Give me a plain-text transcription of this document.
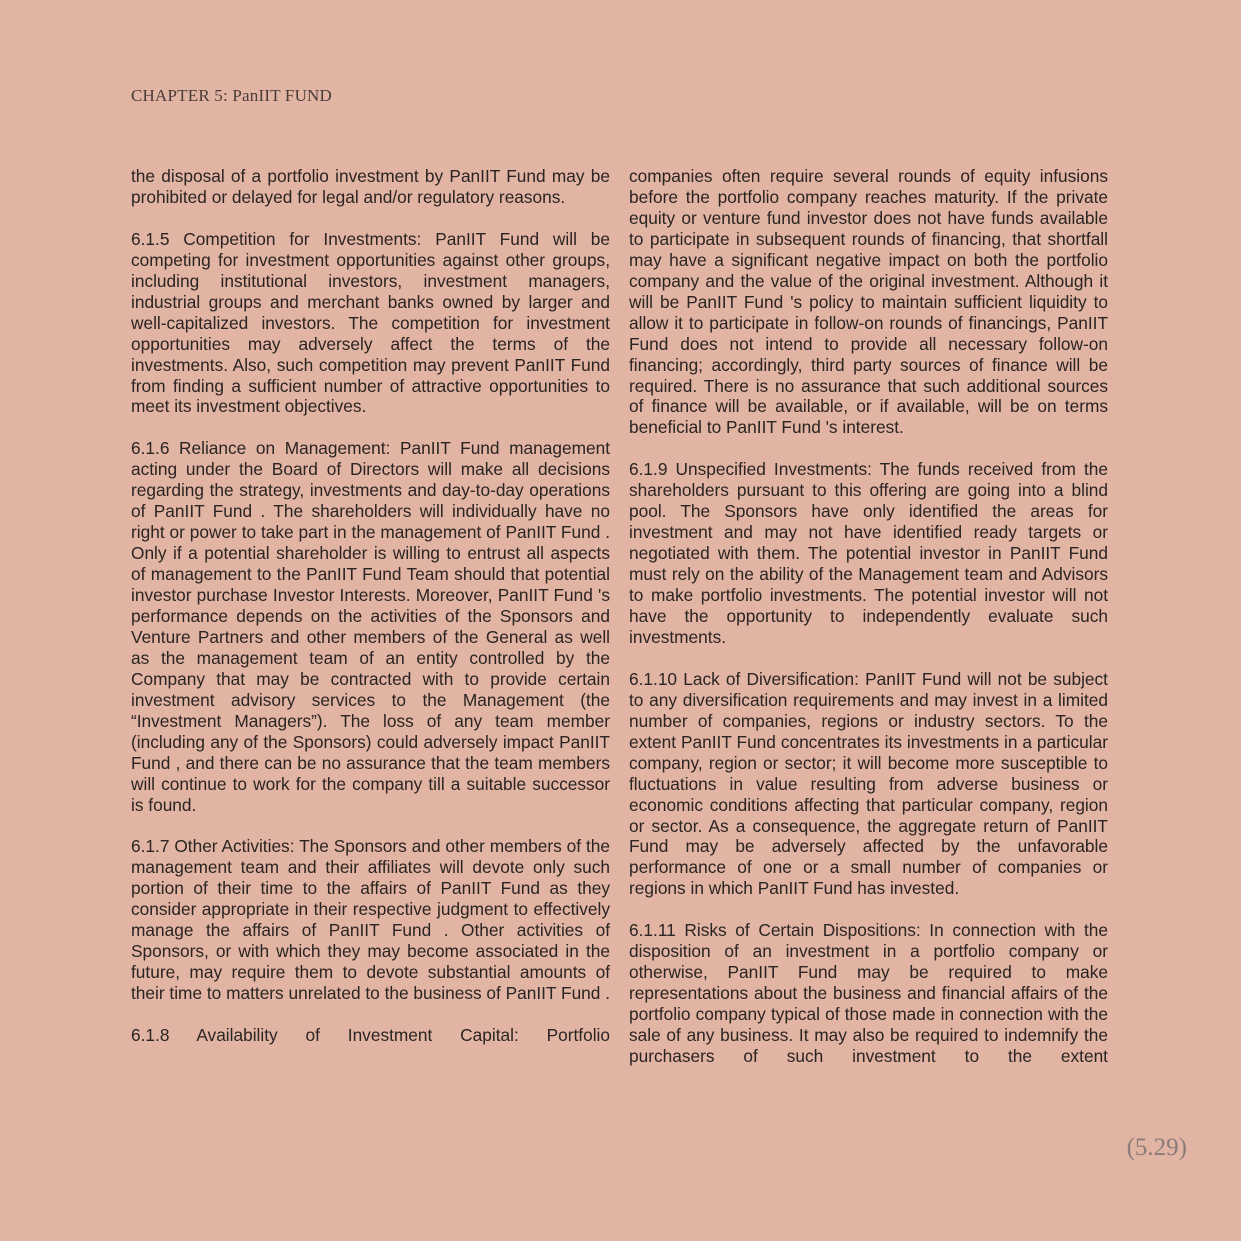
CHAPTER 5: PanIIT FUND

the disposal of a portfolio investment by PanIIT Fund may be prohibited or delayed for legal and/or regulatory reasons.

6.1.5 Competition for Investments: PanIIT Fund will be competing for investment opportunities against other groups, including institutional investors, investment managers, industrial groups and merchant banks owned by larger and well-capitalized investors. The competition for investment opportunities may adversely affect the terms of the investments. Also, such competition may prevent PanIIT Fund from finding a sufficient number of attractive opportunities to meet its investment objectives.

6.1.6 Reliance on Management: PanIIT Fund management acting under the Board of Directors will make all decisions regarding the strategy, investments and day-to-day operations of PanIIT Fund . The shareholders will individually have no right or power to take part in the management of PanIIT Fund . Only if a potential shareholder is willing to entrust all aspects of management to the PanIIT Fund Team should that potential investor purchase Investor Interests. Moreover, PanIIT Fund 's performance depends on the activities of the Sponsors and Venture Partners and other members of the General as well as the management team of an entity controlled by the Company that may be contracted with to provide certain investment advisory services to the Management (the “Investment Managers”). The loss of any team member (including any of the Sponsors) could adversely impact PanIIT Fund , and there can be no assurance that the team members will continue to work for the company till a suitable successor is found.

6.1.7 Other Activities: The Sponsors and other members of the management team and their affiliates will devote only such portion of their time to the affairs of PanIIT Fund as they consider appropriate in their respective judgment to effectively manage the affairs of PanIIT Fund . Other activities of Sponsors, or with which they may become associated in the future, may require them to devote substantial amounts of their time to matters unrelated to the business of PanIIT Fund .

6.1.8 Availability of Investment Capital: Portfolio

companies often require several rounds of equity infusions before the portfolio company reaches maturity. If the private equity or venture fund investor does not have funds available to participate in subsequent rounds of financing, that shortfall may have a significant negative impact on both the portfolio company and the value of the original investment. Although it will be PanIIT Fund 's policy to maintain sufficient liquidity to allow it to participate in follow-on rounds of financings, PanIIT Fund does not intend to provide all necessary follow-on financing; accordingly, third party sources of finance will be required. There is no assurance that such additional sources of finance will be available, or if available, will be on terms beneficial to PanIIT Fund 's interest.

6.1.9 Unspecified Investments: The funds received from the shareholders pursuant to this offering are going into a blind pool. The Sponsors have only identified the areas for investment and may not have identified ready targets or negotiated with them. The potential investor in PanIIT Fund must rely on the ability of the Management team and Advisors to make portfolio investments. The potential investor will not have the opportunity to independently evaluate such investments.

6.1.10 Lack of Diversification: PanIIT Fund will not be subject to any diversification requirements and may invest in a limited number of companies, regions or industry sectors. To the extent PanIIT Fund concentrates its investments in a particular company, region or sector; it will become more susceptible to fluctuations in value resulting from adverse business or economic conditions affecting that particular company, region or sector. As a consequence, the aggregate return of PanIIT Fund may be adversely affected by the unfavorable performance of one or a small number of companies or regions in which PanIIT Fund has invested.

6.1.11 Risks of Certain Dispositions: In connection with the disposition of an investment in a portfolio company or otherwise, PanIIT Fund may be required to make representations about the business and financial affairs of the portfolio company typical of those made in connection with the sale of any business. It may also be required to indemnify the purchasers of such investment to the extent

(5.29)
